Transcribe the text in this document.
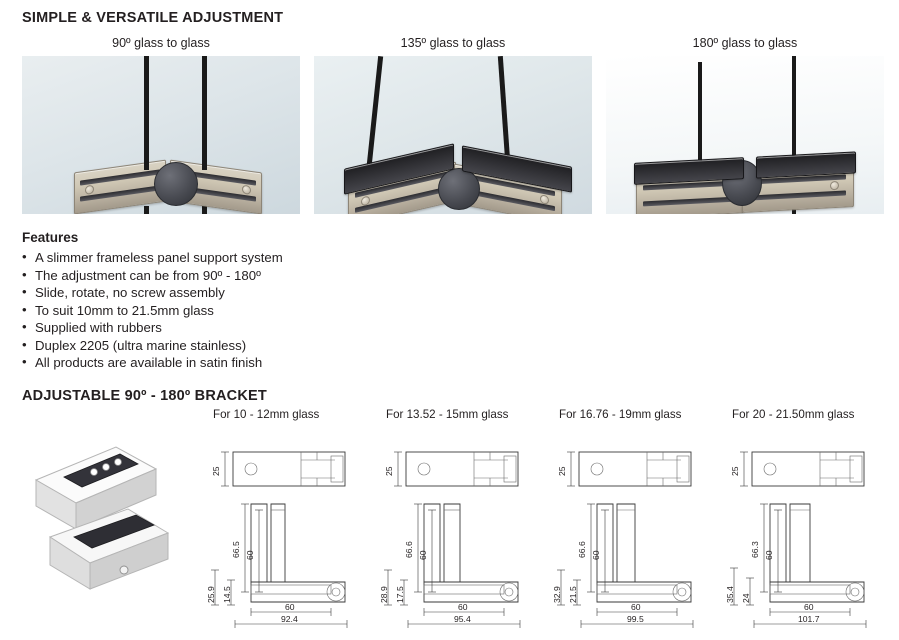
SIMPLE & VERSATILE ADJUSTMENT
90º glass to glass	135º glass to glass	180º glass to glass
Features
• A slimmer frameless panel support system
• The adjustment can be from 90º - 180º
• Slide, rotate, no screw assembly
• To suit 10mm to 21.5mm glass
• Supplied with rubbers
• Duplex 2205 (ultra marine stainless)
• All products are available in satin finish
ADJUSTABLE 90º - 180º BRACKET
For 10 - 12mm glass
25
66.5 60
25.9 14.5
60
92.4
For 13.52 - 15mm glass
25
66.6 60
28.9 17.5
60
95.4
For 16.76 - 19mm glass
25
66.6 60
32.9 21.5
60
99.5
For 20 - 21.50mm glass
25
66.3 60
35.4 24
60
101.7
